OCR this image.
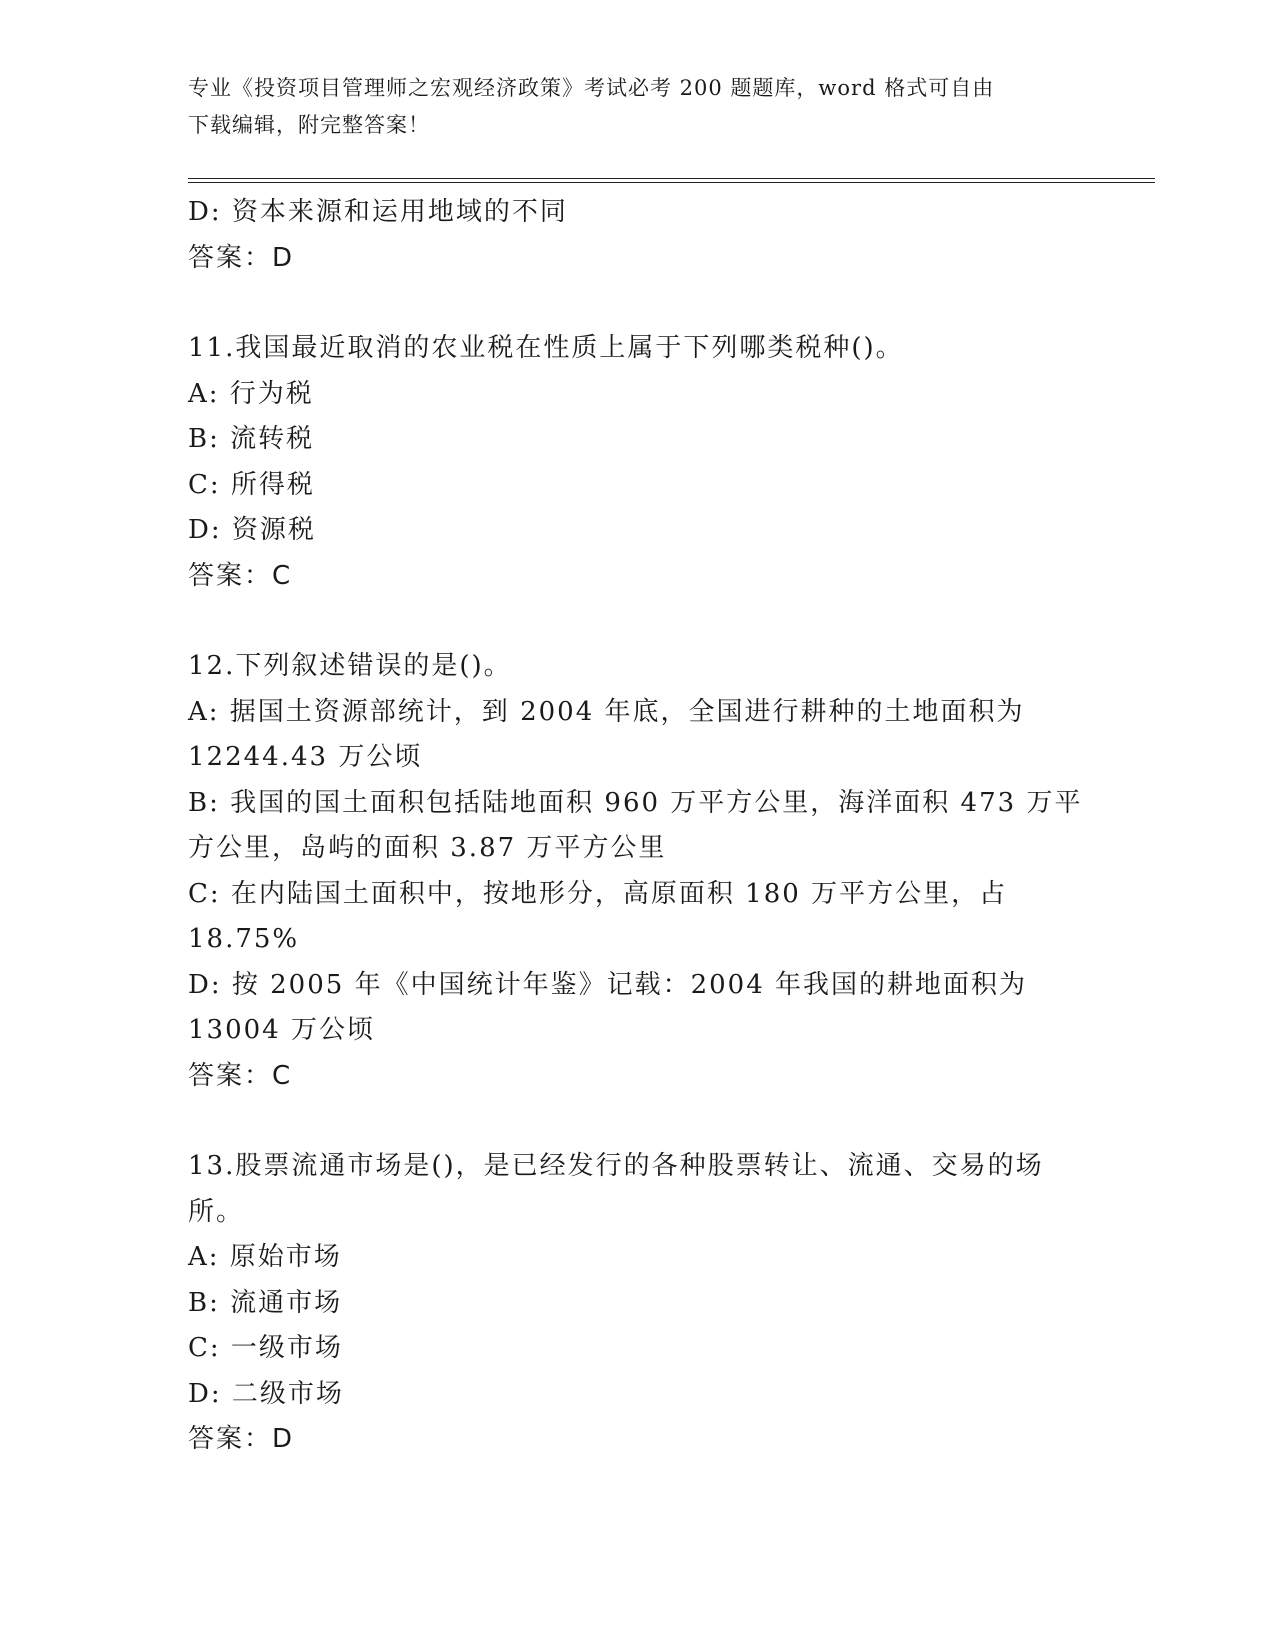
专业《投资项目管理师之宏观经济政策》考试必考 200 题题库，word 格式可自由
下载编辑，附完整答案！
D: 资本来源和运用地域的不同
答案：D
11.我国最近取消的农业税在性质上属于下列哪类税种()。
A: 行为税
B: 流转税
C: 所得税
D: 资源税
答案：C
12.下列叙述错误的是()。
A: 据国土资源部统计，到 2004 年底，全国进行耕种的土地面积为
12244.43 万公顷
B: 我国的国土面积包括陆地面积 960 万平方公里，海洋面积 473 万平
方公里，岛屿的面积 3.87 万平方公里
C: 在内陆国土面积中，按地形分，高原面积 180 万平方公里，占
18.75%
D: 按 2005 年《中国统计年鉴》记载：2004 年我国的耕地面积为
13004 万公顷
答案：C
13.股票流通市场是()，是已经发行的各种股票转让、流通、交易的场
所。
A: 原始市场
B: 流通市场
C: 一级市场
D: 二级市场
答案：D
